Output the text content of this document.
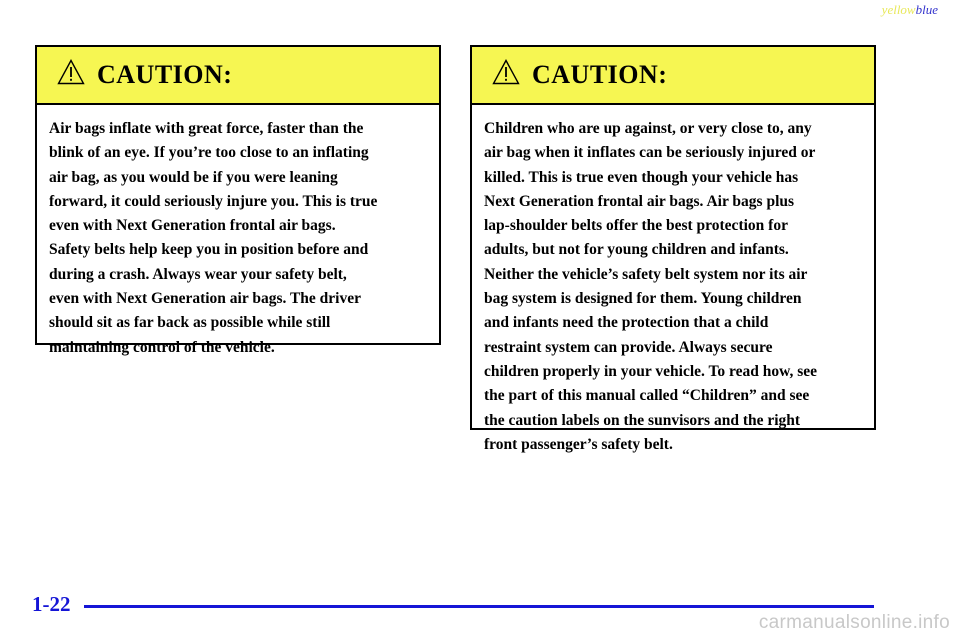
yellowblue
CAUTION:
Air bags inflate with great force, faster than the
blink of an eye. If you’re too close to an inflating
air bag, as you would be if you were leaning
forward, it could seriously injure you. This is true
even with Next Generation frontal air bags.
Safety belts help keep you in position before and
during a crash. Always wear your safety belt,
even with Next Generation air bags. The driver
should sit as far back as possible while still
maintaining control of the vehicle.
CAUTION:
Children who are up against, or very close to, any
air bag when it inflates can be seriously injured or
killed. This is true even though your vehicle has
Next Generation frontal air bags. Air bags plus
lap-shoulder belts offer the best protection for
adults, but not for young children and infants.
Neither the vehicle’s safety belt system nor its air
bag system is designed for them. Young children
and infants need the protection that a child
restraint system can provide. Always secure
children properly in your vehicle. To read how, see
the part of this manual called “Children” and see
the caution labels on the sunvisors and the right
front passenger’s safety belt.
1-22
carmanualsonline.info
